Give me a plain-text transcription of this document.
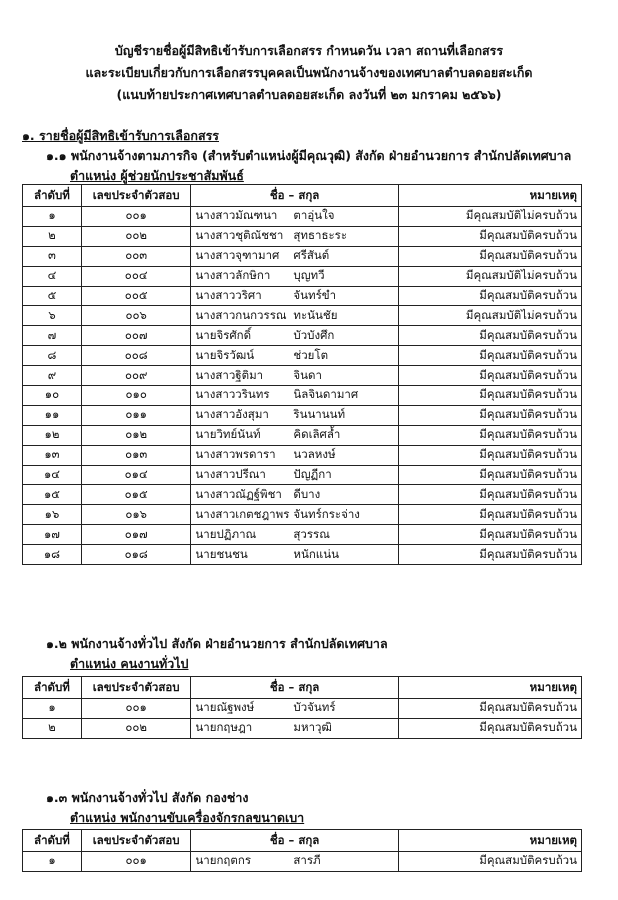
บัญชีรายชื่อผู้มีสิทธิเข้ารับการเลือกสรร กำหนดวัน เวลา สถานที่เลือกสรร
และระเบียบเกี่ยวกับการเลือกสรรบุคคลเป็นพนักงานจ้างของเทศบาลตำบลดอยสะเก็ด
(แนบท้ายประกาศเทศบาลตำบลดอยสะเก็ด ลงวันที่ ๒๓ มกราคม ๒๕๖๖)
๑. รายชื่อผู้มีสิทธิเข้ารับการเลือกสรร
๑.๑ พนักงานจ้างตามภารกิจ (สำหรับตำแหน่งผู้มีคุณวุฒิ) สังกัด ฝ่ายอำนวยการ สำนักปลัดเทศบาล
ตำแหน่ง ผู้ช่วยนักประชาสัมพันธ์
ลำดับที่	เลขประจำตัวสอบ	ชื่อ – สกุล	หมายเหตุ
๑	๐๐๑	นางสาวมัณฑนา ตาอุ่นใจ	มีคุณสมบัติไม่ครบถ้วน
๒	๐๐๒	นางสาวชุติณัชชา สุทธาธะระ	มีคุณสมบัติครบถ้วน
๓	๐๐๓	นางสาวจุฑามาศ ศรีสันต์	มีคุณสมบัติครบถ้วน
๔	๐๐๔	นางสาวลักษิกา บุญทวี	มีคุณสมบัติไม่ครบถ้วน
๕	๐๐๕	นางสาววริศา จันทร์ขำ	มีคุณสมบัติครบถ้วน
๖	๐๐๖	นางสาวกนกวรรณ ทะนันชัย	มีคุณสมบัติไม่ครบถ้วน
๗	๐๐๗	นายจิรศักดิ์ บัวบังศึก	มีคุณสมบัติครบถ้วน
๘	๐๐๘	นายจิรวัฒน์ ช่วยโต	มีคุณสมบัติครบถ้วน
๙	๐๐๙	นางสาวฐิติมา จินดา	มีคุณสมบัติครบถ้วน
๑๐	๐๑๐	นางสาววรินทร นิลจินดามาศ	มีคุณสมบัติครบถ้วน
๑๑	๐๑๑	นางสาวอังสุมา รินนานนท์	มีคุณสมบัติครบถ้วน
๑๒	๐๑๒	นายวิทย์นันท์ คิดเลิศล้ำ	มีคุณสมบัติครบถ้วน
๑๓	๐๑๓	นางสาวพรดารา นวลหงษ์	มีคุณสมบัติครบถ้วน
๑๔	๐๑๔	นางสาวปรีณา ปัญฏีกา	มีคุณสมบัติครบถ้วน
๑๕	๐๑๕	นางสาวณัฏฐ์พิชา ดีบาง	มีคุณสมบัติครบถ้วน
๑๖	๐๑๖	นางสาวเกตชฎาพร จันทร์กระจ่าง	มีคุณสมบัติครบถ้วน
๑๗	๐๑๗	นายปฏิภาณ สุวรรณ	มีคุณสมบัติครบถ้วน
๑๘	๐๑๘	นายชนชน หนักแน่น	มีคุณสมบัติครบถ้วน
๑.๒ พนักงานจ้างทั่วไป สังกัด ฝ่ายอำนวยการ สำนักปลัดเทศบาล
ตำแหน่ง คนงานทั่วไป
ลำดับที่	เลขประจำตัวสอบ	ชื่อ – สกุล	หมายเหตุ
๑	๐๐๑	นายณัฐพงษ์ บัวจันทร์	มีคุณสมบัติครบถ้วน
๒	๐๐๒	นายกฤษฎา มหาวุฒิ	มีคุณสมบัติครบถ้วน
๑.๓ พนักงานจ้างทั่วไป สังกัด กองช่าง
ตำแหน่ง พนักงานขับเครื่องจักรกลขนาดเบา
ลำดับที่	เลขประจำตัวสอบ	ชื่อ – สกุล	หมายเหตุ
๑	๐๐๑	นายกฤตกร สารภี	มีคุณสมบัติครบถ้วน
